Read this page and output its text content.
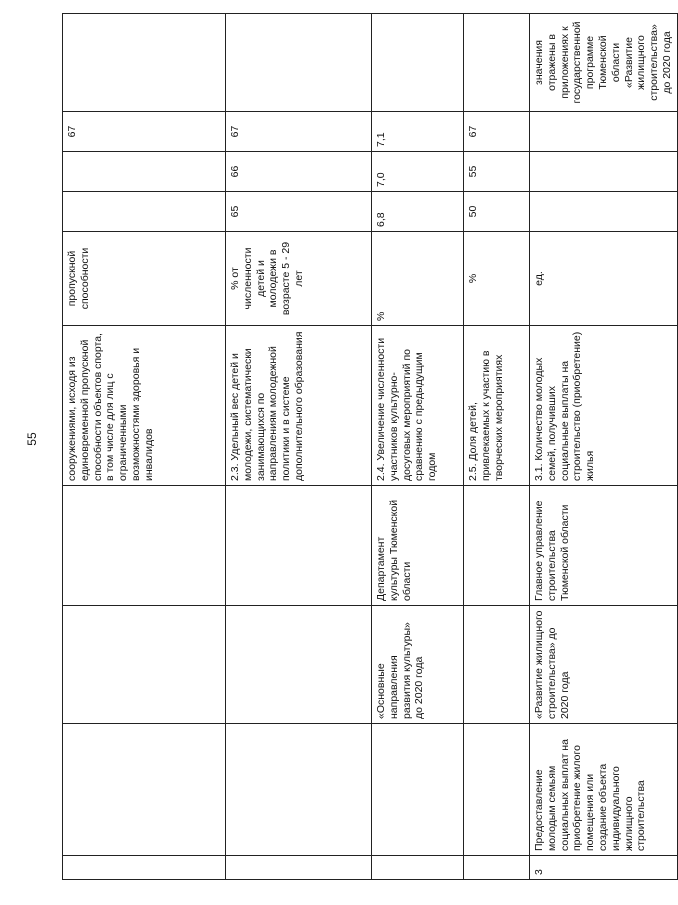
55
					сооружениями, исходя из единовременной пропускной способности объектов спорта, в том числе для лиц с ограниченными возможностями здоровья и инвалидов	пропускной способности			67	
				2.3. Удельный вес детей и молодежи, систематически занимающихся по направлениям молодежной политики и в системе дополнительного образования	% от численности детей и молодежи в возрасте 5 - 29 лет	65	66	67	
		«Основные направления развития культуры» до 2020 года	Департамент культуры Тюменской области	2.4. Увеличение численности участников культурно-досуговых мероприятий по сравнению с предыдущим годом	%	6,8	7,0	7,1	
				2.5. Доля детей, привлекаемых к участию в творческих мероприятиях	%	50	55	67	
3	Предоставление молодым семьям социальных выплат на приобретение жилого помещения или создание объекта индивидуального жилищного строительства	«Развитие жилищного строительства» до 2020 года	Главное управление строительства Тюменской области	3.1. Количество молодых семей, получивших социальные выплаты на строительство (приобретение) жилья	ед.				значения отражены в приложениях к государственной программе Тюменской области «Развитие жилищного строительства» до 2020 года
